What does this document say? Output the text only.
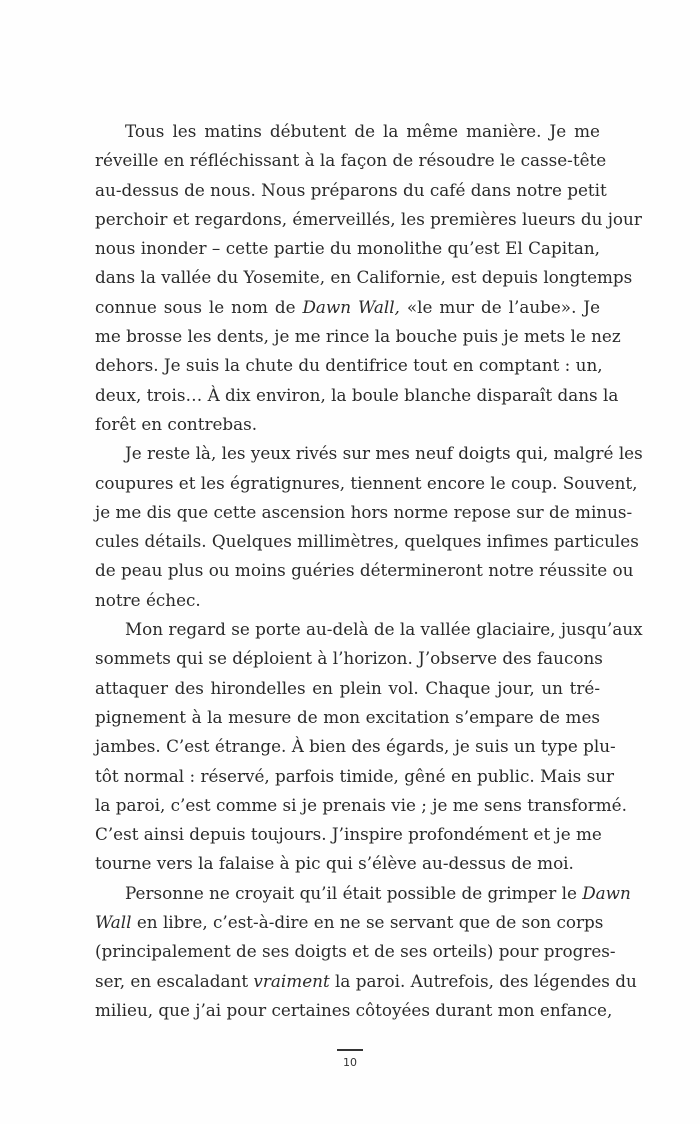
Tous les matins débutent de la même manière. Je me
réveille en réfléchissant à la façon de résoudre le casse-tête
au-dessus de nous. Nous préparons du café dans notre petit
perchoir et regardons, émerveillés, les premières lueurs du jour
nous inonder – cette partie du monolithe qu’est El Capitan,
dans la vallée du Yosemite, en Californie, est depuis longtemps
connue sous le nom de Dawn Wall, «le mur de l’aube». Je
me brosse les dents, je me rince la bouche puis je mets le nez
dehors. Je suis la chute du dentifrice tout en comptant : un,
deux, trois… À dix environ, la boule blanche disparaît dans la
forêt en contrebas.
Je reste là, les yeux rivés sur mes neuf doigts qui, malgré les
coupures et les égratignures, tiennent encore le coup. Souvent,
je me dis que cette ascension hors norme repose sur de minus-
cules détails. Quelques millimètres, quelques infimes particules
de peau plus ou moins guéries détermineront notre réussite ou
notre échec.
Mon regard se porte au-delà de la vallée glaciaire, jusqu’aux
sommets qui se déploient à l’horizon. J’observe des faucons
attaquer des hirondelles en plein vol. Chaque jour, un tré-
pignement à la mesure de mon excitation s’empare de mes
jambes. C’est étrange. À bien des égards, je suis un type plu-
tôt normal : réservé, parfois timide, gêné en public. Mais sur
la paroi, c’est comme si je prenais vie ; je me sens transformé.
C’est ainsi depuis toujours. J’inspire profondément et je me
tourne vers la falaise à pic qui s’élève au-dessus de moi.
Personne ne croyait qu’il était possible de grimper le Dawn
Wall en libre, c’est-à-dire en ne se servant que de son corps
(principalement de ses doigts et de ses orteils) pour progres-
ser, en escaladant vraiment la paroi. Autrefois, des légendes du
milieu, que j’ai pour certaines côtoyées durant mon enfance,
10
